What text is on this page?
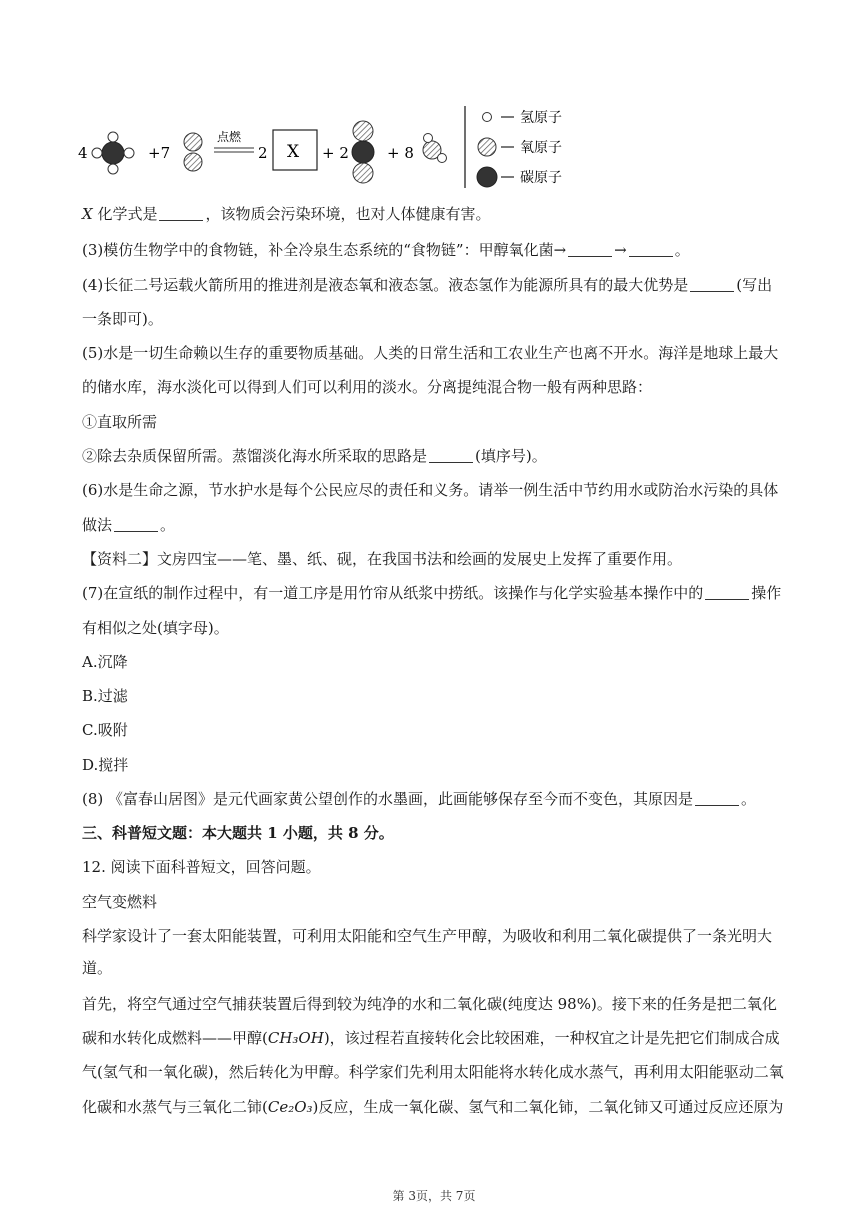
4	+7
点燃
2 X + 2	+ 8
氢原子
氧原子
碳原子
X 化学式是	，该物质会污染环境，也对人体健康有害。
(3)模仿生物学中的食物链，补全冷泉生态系统的“食物链”：甲醇氧化菌→	→	。
(4)长征二号运载火箭所用的推进剂是液态氧和液态氢。液态氢作为能源所具有的最大优势是	(写出
一条即可)。
(5)水是一切生命赖以生存的重要物质基础。人类的日常生活和工农业生产也离不开水。海洋是地球上最大
的储水库，海水淡化可以得到人们可以利用的淡水。分离提纯混合物一般有两种思路：
①直取所需
②除去杂质保留所需。蒸馏淡化海水所采取的思路是	(填序号)。
(6)水是生命之源，节水护水是每个公民应尽的责任和义务。请举一例生活中节约用水或防治水污染的具体
做法	。
【资料二】文房四宝——笔、墨、纸、砚，在我国书法和绘画的发展史上发挥了重要作用。
(7)在宣纸的制作过程中，有一道工序是用竹帘从纸浆中捞纸。该操作与化学实验基本操作中的	操作
有相似之处(填字母)。
A.沉降
B.过滤
C.吸附
D.搅拌
(8) 《富春山居图》是元代画家黄公望创作的水墨画，此画能够保存至今而不变色，其原因是	。
三、科普短文题：本大题共 1 小题，共 8 分。
12. 阅读下面科普短文，回答问题。
空气变燃料
科学家设计了一套太阳能装置，可利用太阳能和空气生产甲醇，为吸收和利用二氧化碳提供了一条光明大
道。
首先，将空气通过空气捕获装置后得到较为纯净的水和二氧化碳(纯度达 98%)。接下来的任务是把二氧化
碳和水转化成燃料——甲醇(CH₃OH)，该过程若直接转化会比较困难，一种权宜之计是先把它们制成合成
气(氢气和一氧化碳)，然后转化为甲醇。科学家们先利用太阳能将水转化成水蒸气，再利用太阳能驱动二氧
化碳和水蒸气与三氧化二铈(Ce₂O₃)反应，生成一氧化碳、氢气和二氧化铈，二氧化铈又可通过反应还原为
第 3页，共 7页
